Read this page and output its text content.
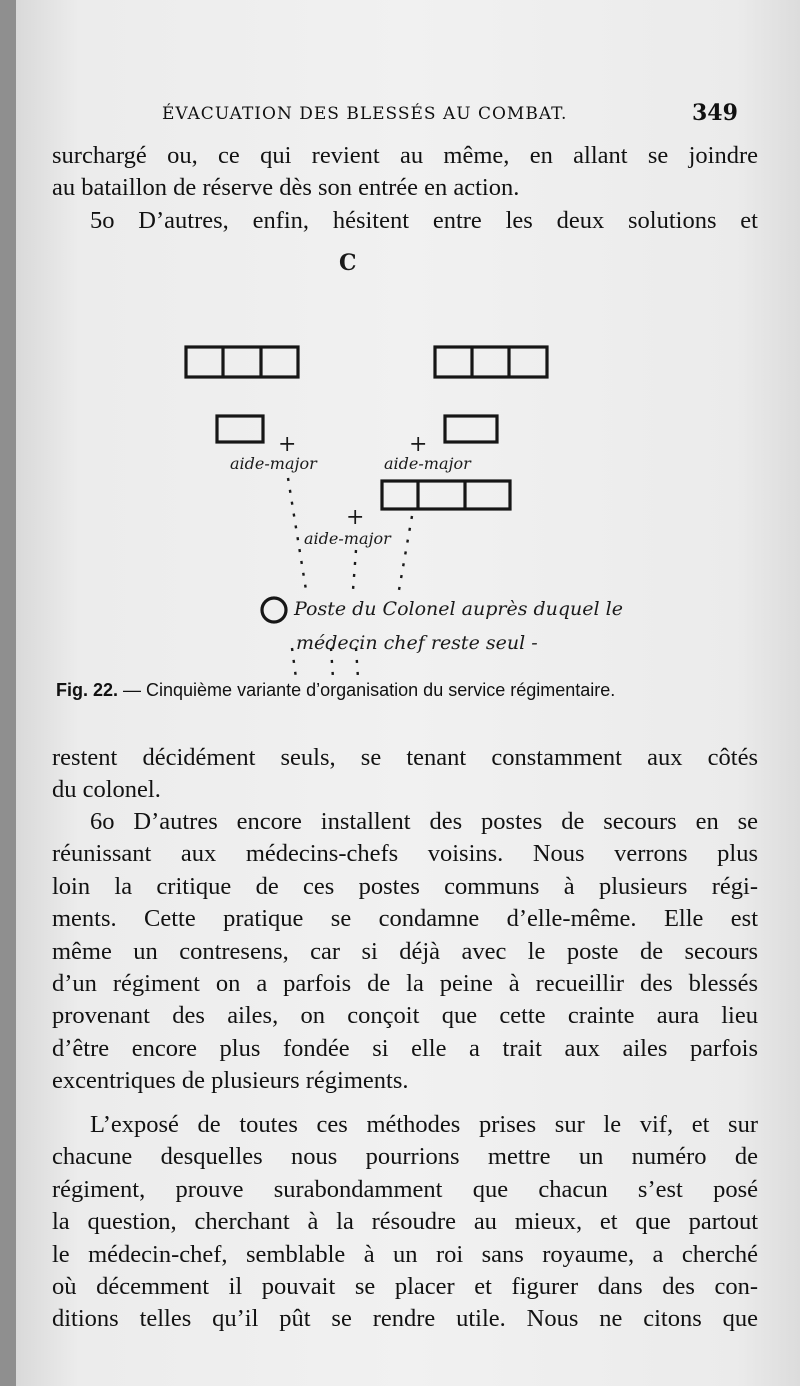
ÉVACUATION DES BLESSÉS AU COMBAT.	349
surchargé ou, ce qui revient au même, en allant se joindre
au bataillon de réserve dès son entrée en action.
5o D’autres, enfin, hésitent entre les deux solutions et
C
+
aide-major
+
aide-major
+
aide-major
Poste du Colonel auprès duquel le
médecin chef reste seul -
Fig. 22. — Cinquième variante d’organisation du service régimentaire.
restent décidément seuls, se tenant constamment aux côtés
du colonel.
6o D’autres encore installent des postes de secours en se
réunissant aux médecins-chefs voisins. Nous verrons plus
loin la critique de ces postes communs à plusieurs régi-
ments. Cette pratique se condamne d’elle-même. Elle est
même un contresens, car si déjà avec le poste de secours
d’un régiment on a parfois de la peine à recueillir des blessés
provenant des ailes, on conçoit que cette crainte aura lieu
d’être encore plus fondée si elle a trait aux ailes parfois
excentriques de plusieurs régiments.
L’exposé de toutes ces méthodes prises sur le vif, et sur
chacune desquelles nous pourrions mettre un numéro de
régiment, prouve surabondamment que chacun s’est posé
la question, cherchant à la résoudre au mieux, et que partout
le médecin-chef, semblable à un roi sans royaume, a cherché
où décemment il pouvait se placer et figurer dans des con-
ditions telles qu’il pût se rendre utile. Nous ne citons que
